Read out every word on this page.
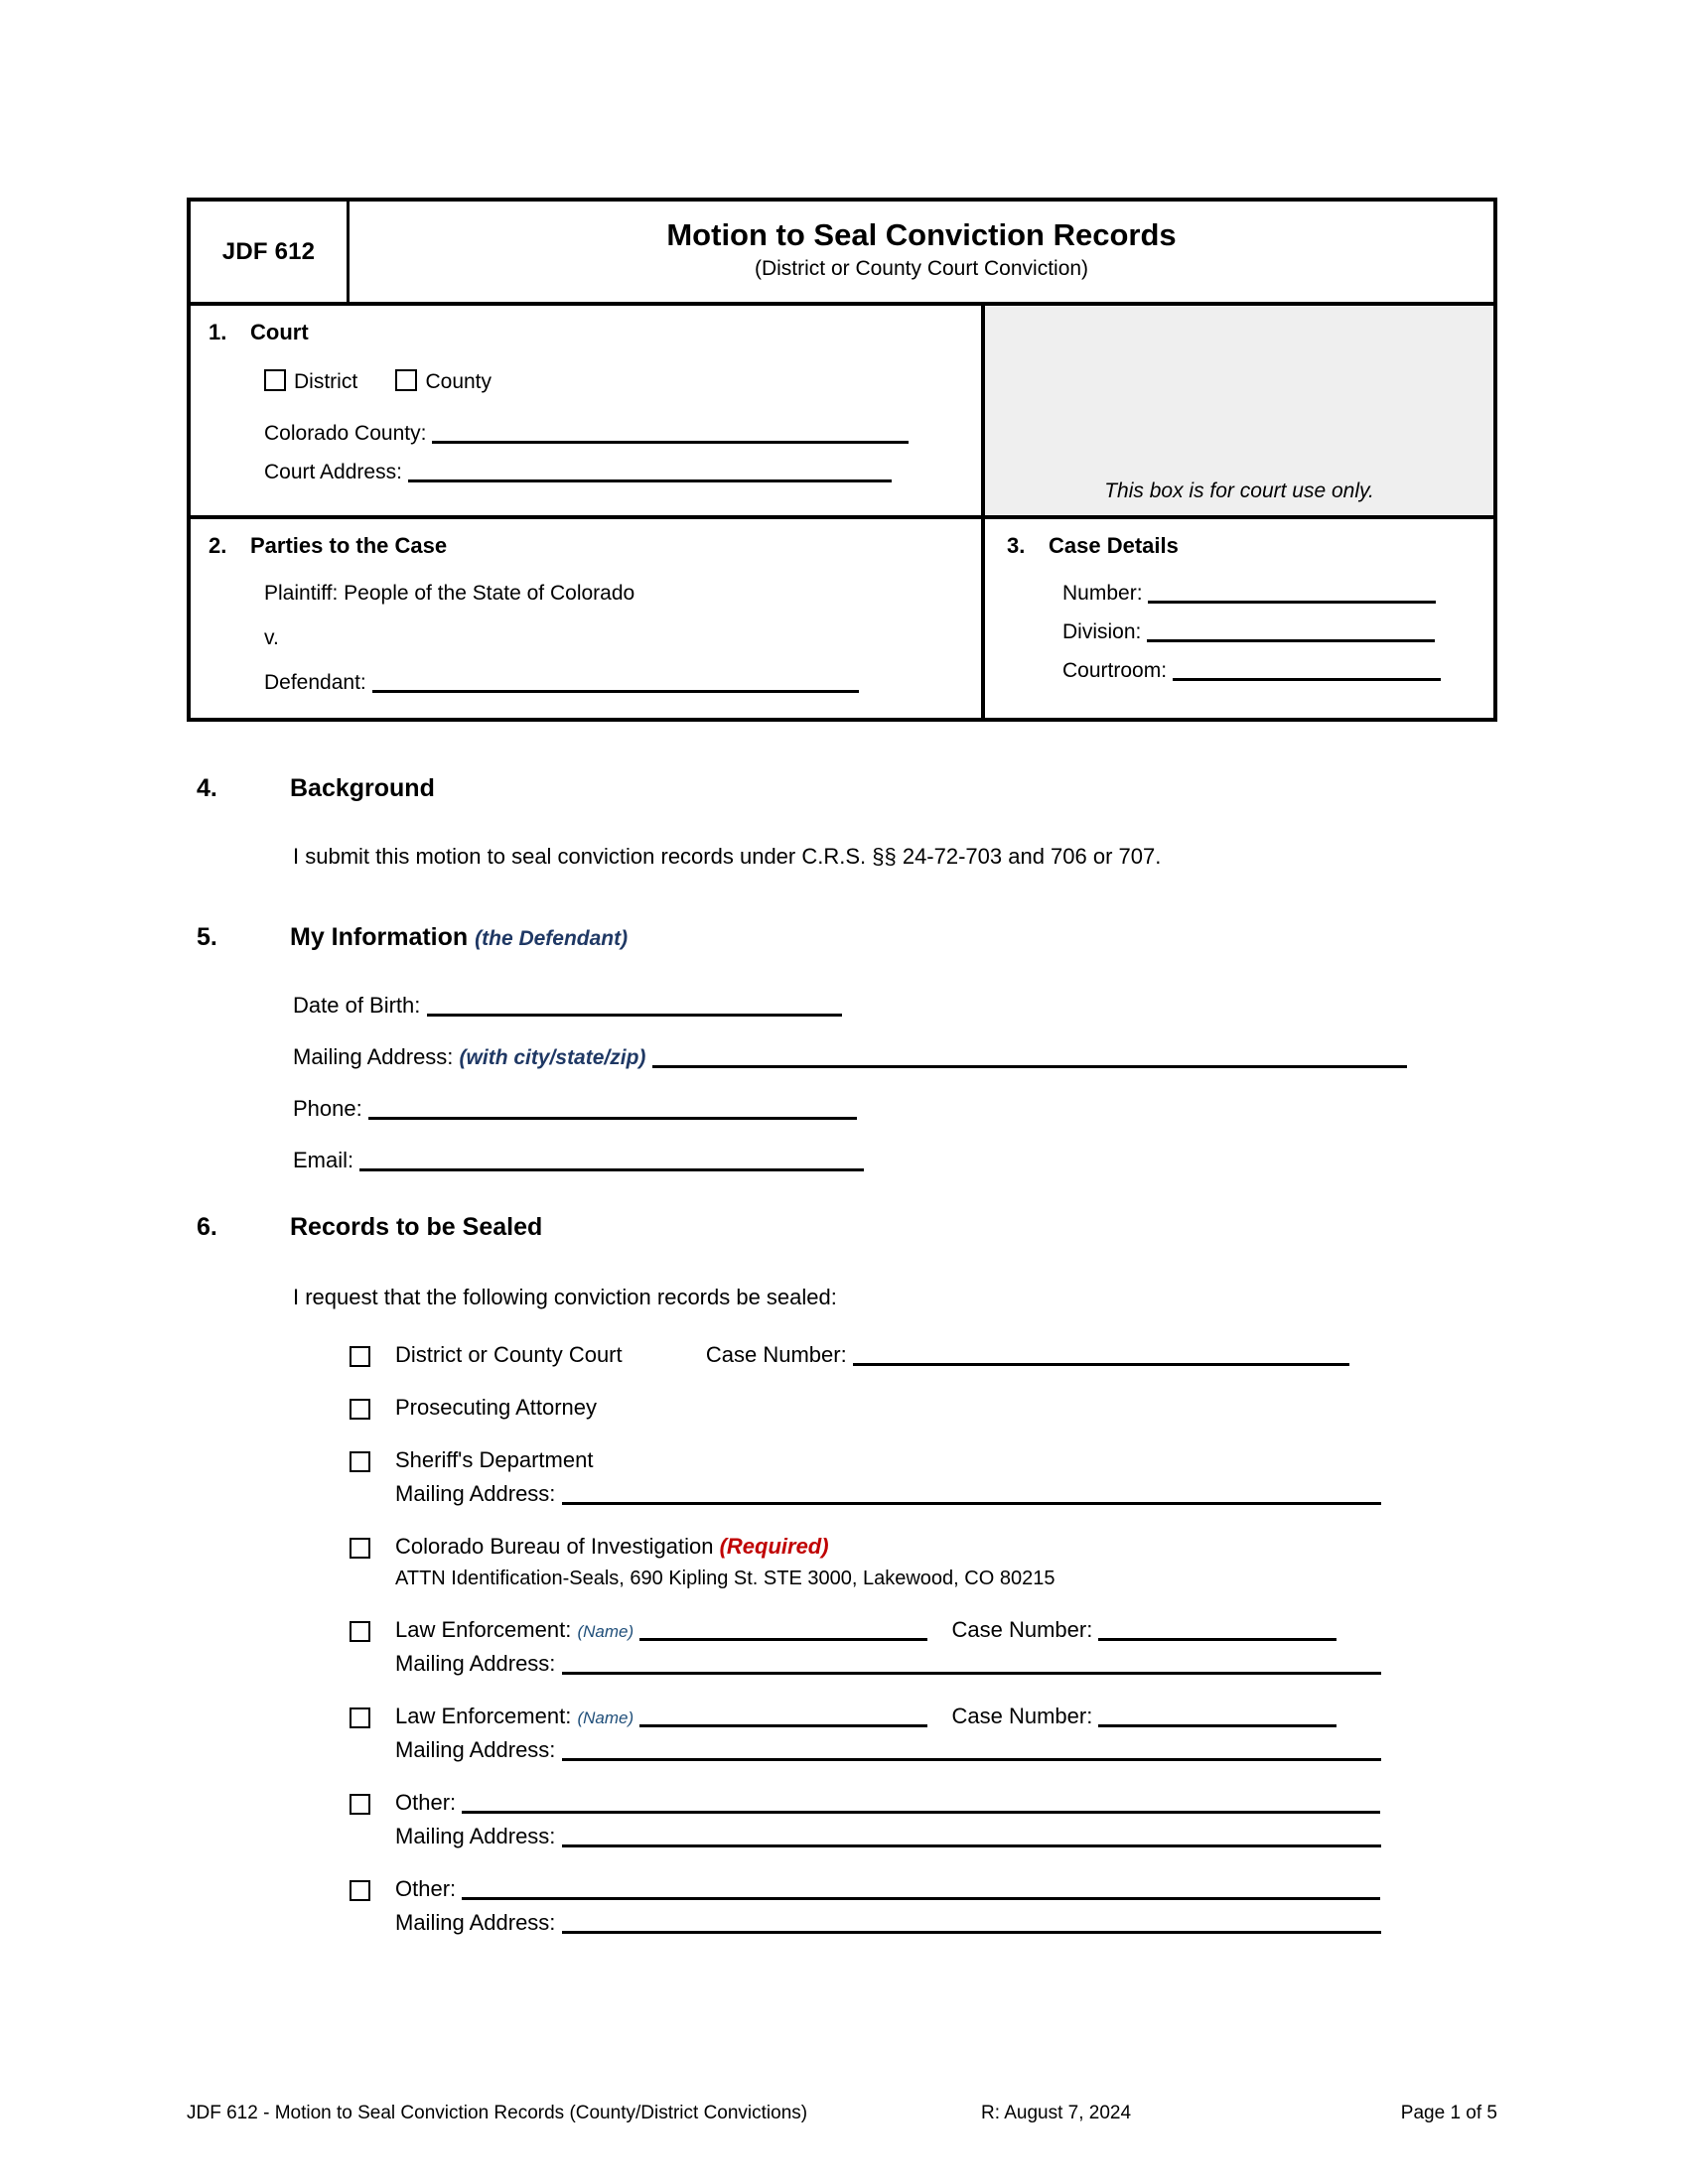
JDF 612	Motion to Seal Conviction Records
(District or County Court Conviction)
1.	Court
District	County
Colorado County:
Court Address:
2.	Parties to the Case
Plaintiff: People of the State of Colorado
v.
Defendant:
This box is for court use only.
3.	Case Details
Number:
Division:
Courtroom:
4.	Background
I submit this motion to seal conviction records under C.R.S. §§ 24-72-703 and 706 or 707.
5.	My Information (the Defendant)
Date of Birth:
Mailing Address: (with city/state/zip)
Phone:
Email:
6.	Records to be Sealed
I request that the following conviction records be sealed:
District or County Court	Case Number:
Prosecuting Attorney
Sheriff's Department
Mailing Address:
Colorado Bureau of Investigation (Required)
ATTN Identification-Seals, 690 Kipling St. STE 3000, Lakewood, CO 80215
Law Enforcement: (Name)	Case Number:
Mailing Address:
Law Enforcement: (Name)	Case Number:
Mailing Address:
Other:
Mailing Address:
Other:
Mailing Address:
JDF 612 - Motion to Seal Conviction Records (County/District Convictions)	R: August 7, 2024	Page 1 of 5
